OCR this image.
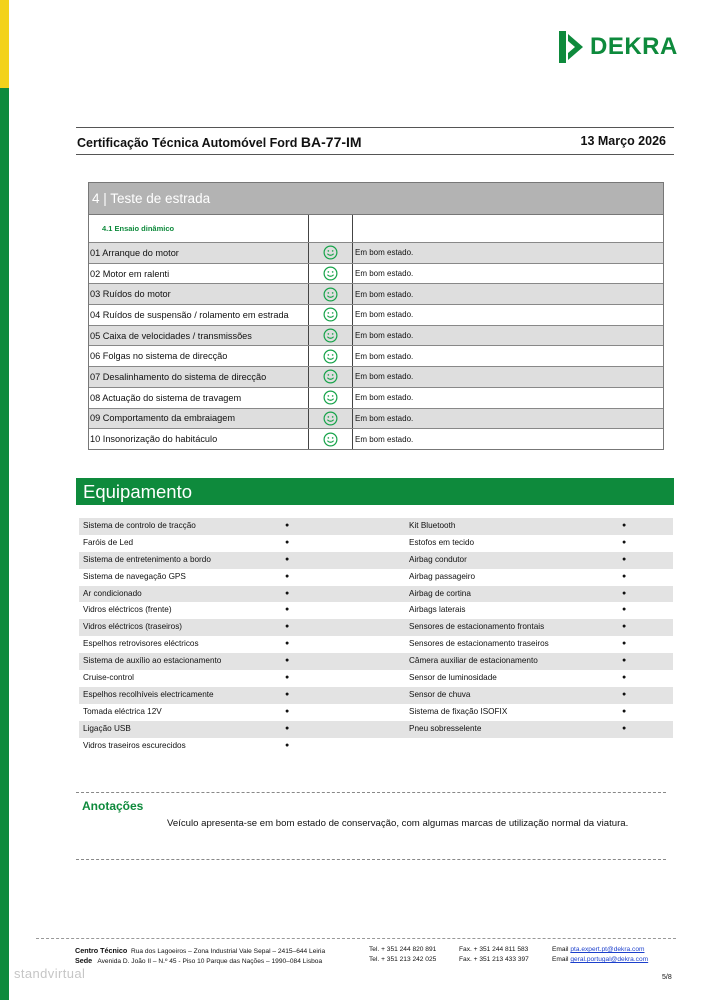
DEKRA
Certificação Técnica Automóvel Ford BA-77-IM	13 Março 2026
4 | Teste de estrada
4.1 Ensaio dinâmico
01 Arranque do motor	Em bom estado.
02 Motor em ralenti	Em bom estado.
03 Ruídos do motor	Em bom estado.
04 Ruídos de suspensão / rolamento em estrada	Em bom estado.
05 Caixa de velocidades / transmissões	Em bom estado.
06 Folgas no sistema de direcção	Em bom estado.
07 Desalinhamento do sistema de direcção	Em bom estado.
08 Actuação do sistema de travagem	Em bom estado.
09 Comportamento da embraiagem	Em bom estado.
10 Insonorização do habitáculo	Em bom estado.
Equipamento
Sistema de controlo de tracção	●	Kit Bluetooth	●
Faróis de Led	●	Estofos em tecido	●
Sistema de entretenimento a bordo	●	Airbag condutor	●
Sistema de navegação GPS	●	Airbag passageiro	●
Ar condicionado	●	Airbag de cortina	●
Vidros eléctricos (frente)	●	Airbags laterais	●
Vidros eléctricos (traseiros)	●	Sensores de estacionamento frontais	●
Espelhos retrovisores eléctricos	●	Sensores de estacionamento traseiros	●
Sistema de auxílio ao estacionamento	●	Câmera auxiliar de estacionamento	●
Cruise-control	●	Sensor de luminosidade	●
Espelhos recolhíveis electricamente	●	Sensor de chuva	●
Tomada eléctrica 12V	●	Sistema de fixação ISOFIX	●
Ligação USB	●	Pneu sobresselente	●
Vidros traseiros escurecidos	●
Anotações
Veículo apresenta-se em bom estado de conservação, com algumas marcas de utilização normal da viatura.
Centro Técnico Rua dos Lagoeiros – Zona Industrial Vale Sepal – 2415–644 Leiria
Sede Avenida D. João II – N.º 45 - Piso 10 Parque das Nações – 1990–084 Lisboa
Tel. + 351 244 820 891	Fax. + 351 244 811 583	Email pta.expert.pt@dekra.com
Tel. + 351 213 242 025	Fax. + 351 213 433 397	Email geral.portugal@dekra.com
5/8
standvirtual
